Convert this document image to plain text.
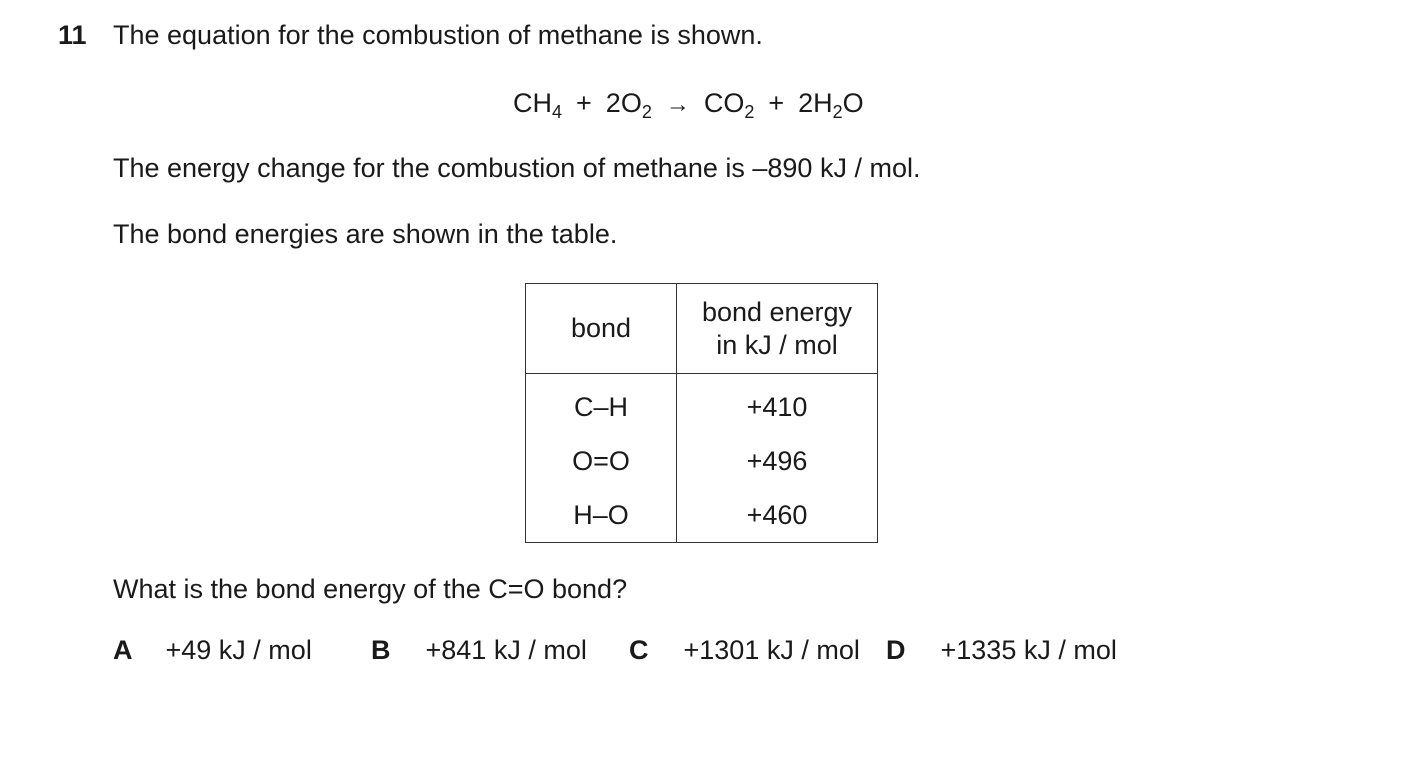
11 The equation for the combustion of methane is shown.
CH 4 + 2O 2 → CO 2 + 2H 2 O
The energy change for the combustion of methane is –890 kJ / mol.
The bond energies are shown in the table.
bond	bond energy
in kJ / mol
C–H	+410
O=O	+496
H–O	+460
What is the bond energy of the C=O bond?
A +49 kJ / mol B +841 kJ / mol C +1301 kJ / mol D +1335 kJ / mol
